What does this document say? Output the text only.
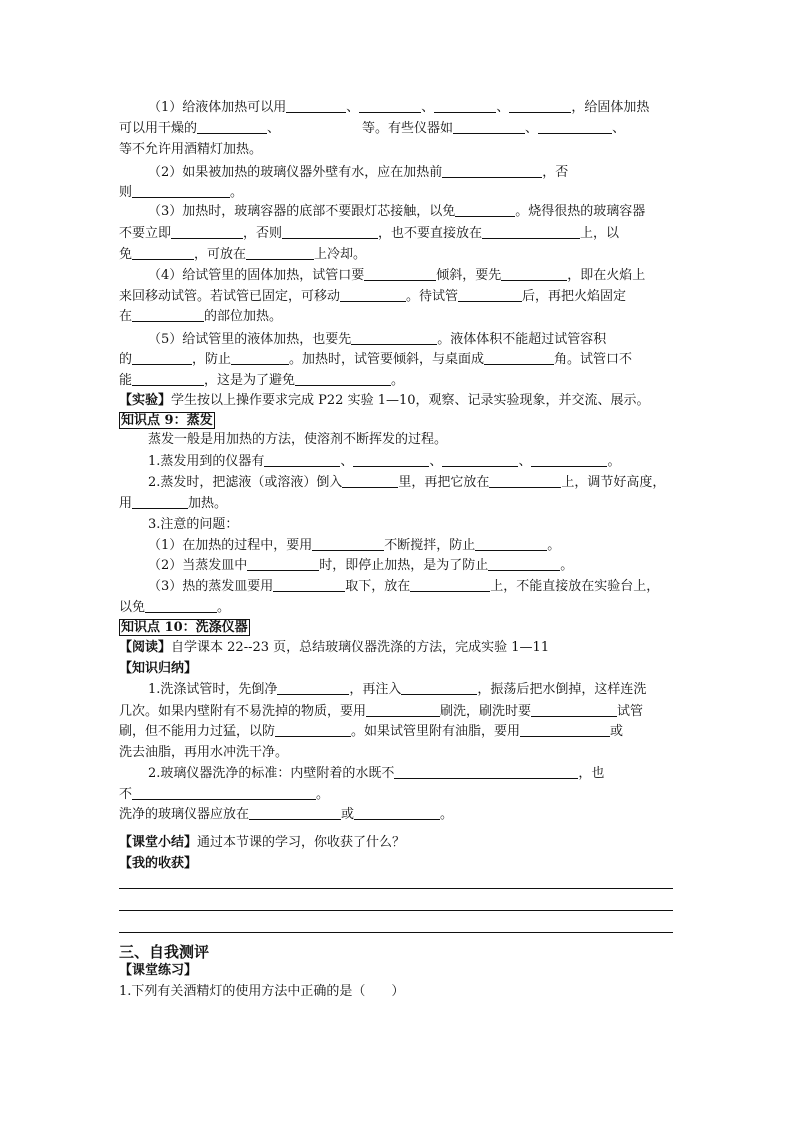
（1）给液体加热可以用	、	、	、	，给固体加热
可以用干燥的	、	等。有些仪器如	、	、
等不允许用酒精灯加热。
（2）如果被加热的玻璃仪器外壁有水，应在加热前	，否
则	。
（3）加热时，玻璃容器的底部不要跟灯芯接触，以免	。烧得很热的玻璃容器
不要立即	，否则	，也不要直接放在	上，以
免	，可放在	上冷却。
（4）给试管里的固体加热，试管口要	倾斜，要先	，即在火焰上
来回移动试管。若试管已固定，可移动	。待试管	后，再把火焰固定
在	的部位加热。
（5）给试管里的液体加热，也要先	。液体体积不能超过试管容积
的	，防止	。加热时，试管要倾斜，与桌面成	角。试管口不
能	，这是为了避免	。
【实验】学生按以上操作要求完成 P22 实验 1—10，观察、记录实验现象，并交流、展示。
知识点 9：蒸发
蒸发一般是用加热的方法，使溶剂不断挥发的过程。
1.蒸发用到的仪器有	、	、	、	。
2.蒸发时，把滤液（或溶液）倒入	里，再把它放在	上，调节好高度，
用	加热。
3.注意的问题：
（1）在加热的过程中，要用	不断搅拌，防止	。
（2）当蒸发皿中	时，即停止加热，是为了防止	。
（3）热的蒸发皿要用	取下，放在	上，不能直接放在实验台上，
以免	。
知识点 10：洗涤仪器
【阅读】自学课本 22--23 页，总结玻璃仪器洗涤的方法，完成实验 1—11
【知识归纳】
1.洗涤试管时，先倒净	，再注入	，振荡后把水倒掉，这样连洗
几次。如果内壁附有不易洗掉的物质，要用	刷洗，刷洗时要	试管
刷，但不能用力过猛，以防	。如果试管里附有油脂，要用	或
洗去油脂，再用水冲洗干净。
2.玻璃仪器洗净的标准：内壁附着的水既不	，也
不	。
洗净的玻璃仪器应放在	或	。
【课堂小结】通过本节课的学习，你收获了什么？
【我的收获】
三、自我测评
【课堂练习】
1.下列有关酒精灯的使用方法中正确的是（　　）
